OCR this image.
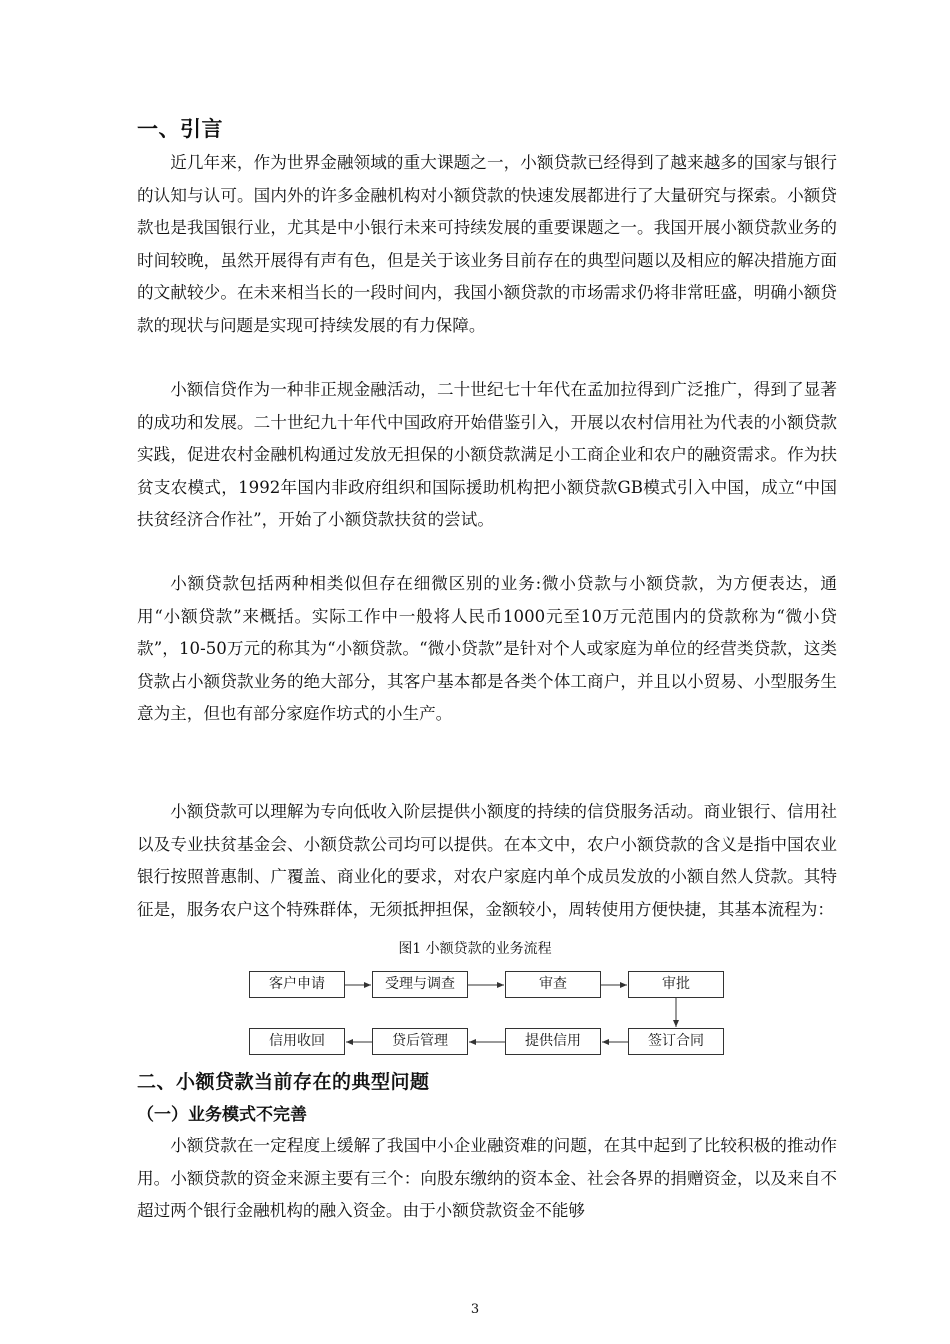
一、引言

近几年来，作为世界金融领域的重大课题之一，小额贷款已经得到了越来越多的国家与银行的认知与认可。国内外的许多金融机构对小额贷款的快速发展都进行了大量研究与探索。小额贷款也是我国银行业，尤其是中小银行未来可持续发展的重要课题之一。我国开展小额贷款业务的时间较晚，虽然开展得有声有色，但是关于该业务目前存在的典型问题以及相应的解决措施方面的文献较少。在未来相当长的一段时间内，我国小额贷款的市场需求仍将非常旺盛，明确小额贷款的现状与问题是实现可持续发展的有力保障。

小额信贷作为一种非正规金融活动，二十世纪七十年代在孟加拉得到广泛推广，得到了显著的成功和发展。二十世纪九十年代中国政府开始借鉴引入，开展以农村信用社为代表的小额贷款实践，促进农村金融机构通过发放无担保的小额贷款满足小工商企业和农户的融资需求。作为扶贫支农模式，1992年国内非政府组织和国际援助机构把小额贷款GB模式引入中国，成立“中国扶贫经济合作社”，开始了小额贷款扶贫的尝试。

小额贷款包括两种相类似但存在细微区别的业务:微小贷款与小额贷款，为方便表达，通用“小额贷款”来概括。实际工作中一般将人民币1000元至10万元范围内的贷款称为“微小贷款”，10-50万元的称其为“小额贷款。“微小贷款”是针对个人或家庭为单位的经营类贷款，这类贷款占小额贷款业务的绝大部分，其客户基本都是各类个体工商户，并且以小贸易、小型服务生意为主，但也有部分家庭作坊式的小生产。

小额贷款可以理解为专向低收入阶层提供小额度的持续的信贷服务活动。商业银行、信用社以及专业扶贫基金会、小额贷款公司均可以提供。在本文中，农户小额贷款的含义是指中国农业银行按照普惠制、广覆盖、商业化的要求，对农户家庭内单个成员发放的小额自然人贷款。其特征是，服务农户这个特殊群体，无须抵押担保，金额较小，周转使用方便快捷，其基本流程为：

图1 小额贷款的业务流程
客户申请	受理与调查	审查	审批
信用收回	贷后管理	提供信用	签订合同
二、小额贷款当前存在的典型问题
（一）业务模式不完善

小额贷款在一定程度上缓解了我国中小企业融资难的问题，在其中起到了比较积极的推动作用。小额贷款的资金来源主要有三个：向股东缴纳的资本金、社会各界的捐赠资金，以及来自不超过两个银行金融机构的融入资金。由于小额贷款资金不能够

3
